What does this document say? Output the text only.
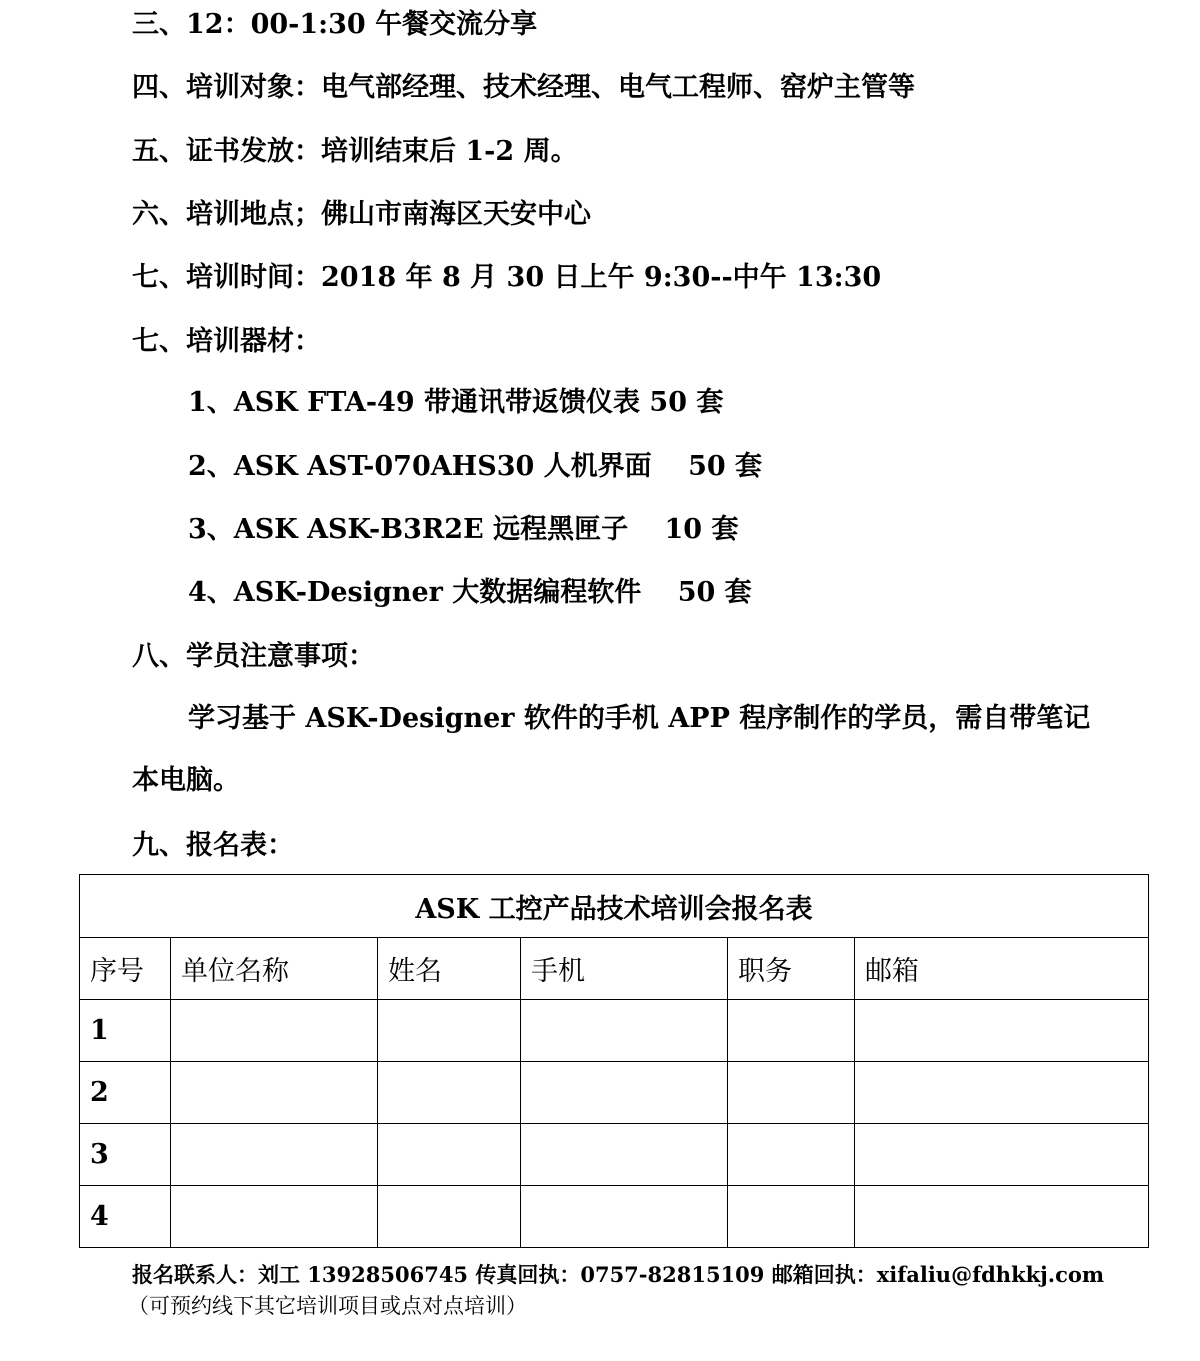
三、12：00-1:30 午餐交流分享
四、培训对象：电气部经理、技术经理、电气工程师、窑炉主管等
五、证书发放：培训结束后 1-2 周。
六、培训地点；佛山市南海区天安中心
七、培训时间：2018 年 8 月 30 日上午 9:30--中午 13:30
七、培训器材：
1、ASK FTA-49 带通讯带返馈仪表 50 套
2、ASK AST-070AHS30 人机界面　 50 套
3、ASK ASK-B3R2E 远程黑匣子　 10 套
4、ASK-Designer 大数据编程软件　 50 套
八、学员注意事项：
学习基于 ASK-Designer 软件的手机 APP 程序制作的学员，需自带笔记
本电脑。
九、报名表：
ASK 工控产品技术培训会报名表					
序号	单位名称	姓名	手机	职务	邮箱
1					
2					
3					
4					
报名联系人：刘工 13928506745 传真回执：0757-82815109 邮箱回执：xifaliu@fdhkkj.com
（可预约线下其它培训项目或点对点培训）
